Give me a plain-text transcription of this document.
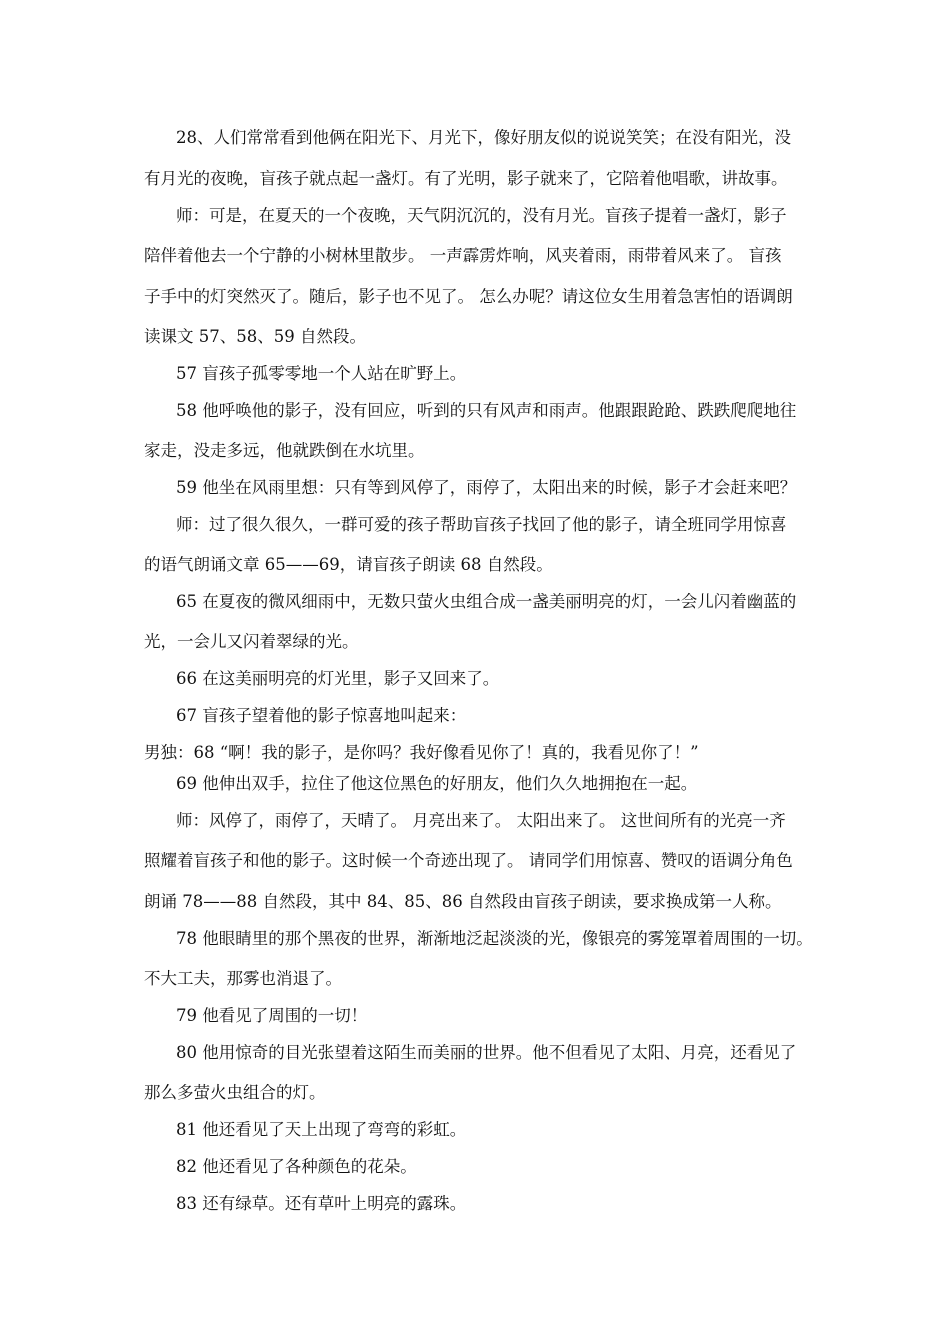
28、人们常常看到他俩在阳光下、月光下，像好朋友似的说说笑笑；在没有阳光，没
有月光的夜晚，盲孩子就点起一盏灯。有了光明，影子就来了，它陪着他唱歌，讲故事。
师：可是，在夏天的一个夜晚，天气阴沉沉的，没有月光。盲孩子提着一盏灯，影子
陪伴着他去一个宁静的小树林里散步。 一声霹雳炸响，风夹着雨，雨带着风来了。 盲孩
子手中的灯突然灭了。随后，影子也不见了。 怎么办呢？请这位女生用着急害怕的语调朗
读课文 57、58、59 自然段。
57 盲孩子孤零零地一个人站在旷野上。
58 他呼唤他的影子，没有回应，听到的只有风声和雨声。他跟跟跄跄、跌跌爬爬地往
家走，没走多远，他就跌倒在水坑里。
59 他坐在风雨里想：只有等到风停了，雨停了，太阳出来的时候，影子才会赶来吧？
师：过了很久很久，一群可爱的孩子帮助盲孩子找回了他的影子，请全班同学用惊喜
的语气朗诵文章 65——69，请盲孩子朗读 68 自然段。
65 在夏夜的微风细雨中，无数只萤火虫组合成一盏美丽明亮的灯，一会儿闪着幽蓝的
光，一会儿又闪着翠绿的光。
66 在这美丽明亮的灯光里，影子又回来了。
67 盲孩子望着他的影子惊喜地叫起来：
男独：68 “啊！我的影子，是你吗？我好像看见你了！真的，我看见你了！”
69 他伸出双手，拉住了他这位黑色的好朋友，他们久久地拥抱在一起。
师：风停了，雨停了，天晴了。 月亮出来了。 太阳出来了。 这世间所有的光亮一齐
照耀着盲孩子和他的影子。这时候一个奇迹出现了。 请同学们用惊喜、赞叹的语调分角色
朗诵 78——88 自然段，其中 84、85、86 自然段由盲孩子朗读，要求换成第一人称。
78 他眼睛里的那个黑夜的世界，渐渐地泛起淡淡的光，像银亮的雾笼罩着周围的一切。
不大工夫，那雾也消退了。
79 他看见了周围的一切！
80 他用惊奇的目光张望着这陌生而美丽的世界。他不但看见了太阳、月亮，还看见了
那么多萤火虫组合的灯。
81 他还看见了天上出现了弯弯的彩虹。
82 他还看见了各种颜色的花朵。
83 还有绿草。还有草叶上明亮的露珠。
